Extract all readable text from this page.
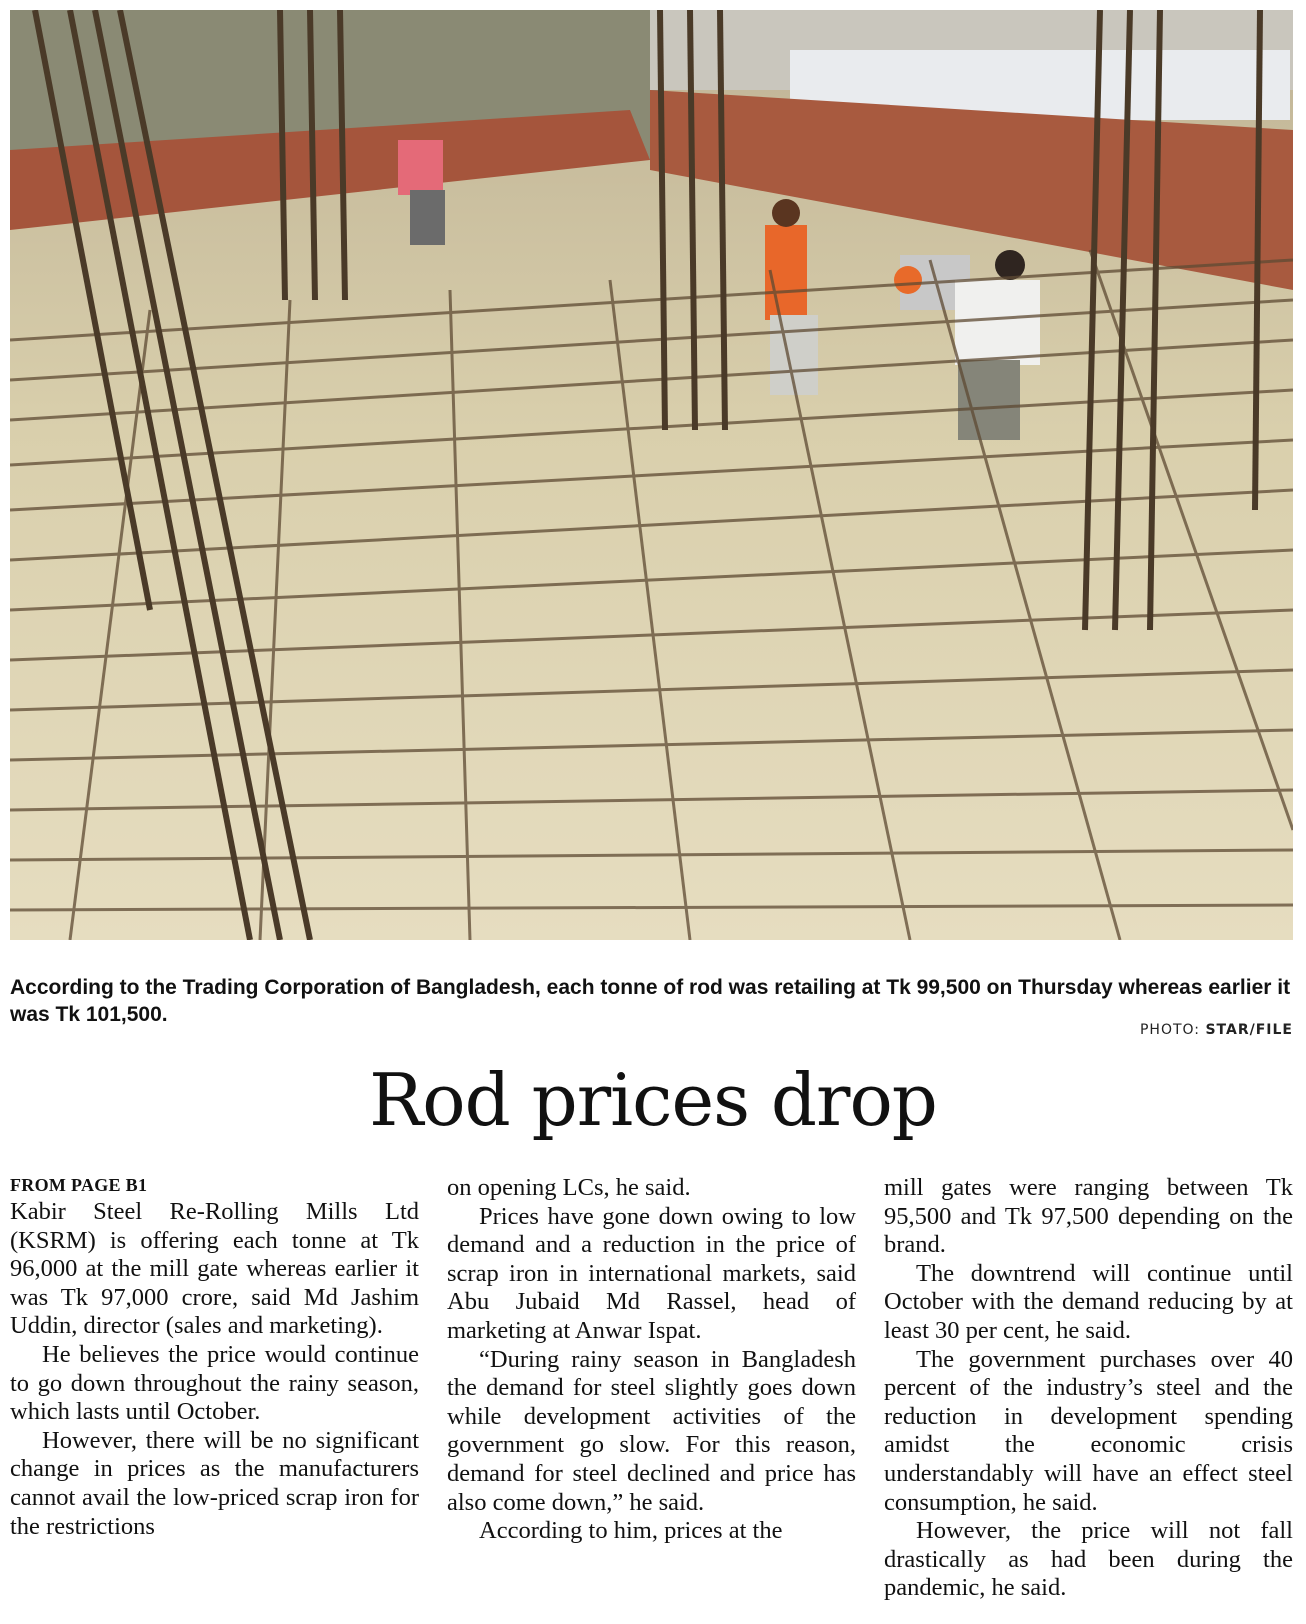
According to the Trading Corporation of Bangladesh, each tonne of rod was retailing at Tk 99,500 on Thursday whereas earlier it was Tk 101,500.
PHOTO: STAR/FILE
Rod prices drop
FROM PAGE B1

Kabir Steel Re-Rolling Mills Ltd (KSRM) is offering each tonne at Tk 96,000 at the mill gate whereas earlier it was Tk 97,000 crore, said Md Jashim Uddin, director (sales and marketing).

He believes the price would continue to go down throughout the rainy season, which lasts until October.

However, there will be no significant change in prices as the manufacturers cannot avail the low-priced scrap iron for the restrictions

on opening LCs, he said.

Prices have gone down owing to low demand and a reduction in the price of scrap iron in international markets, said Abu Jubaid Md Rassel, head of marketing at Anwar Ispat.

“During rainy season in Bangladesh the demand for steel slightly goes down while development activities of the government go slow. For this reason, demand for steel declined and price has also come down,” he said.

According to him, prices at the

mill gates were ranging between Tk 95,500 and Tk 97,500 depending on the brand.

The downtrend will continue until October with the demand reducing by at least 30 per cent, he said.

The government purchases over 40 percent of the industry’s steel and the reduction in development spending amidst the economic crisis understandably will have an effect steel consumption, he said.

However, the price will not fall drastically as had been during the pandemic, he said.
